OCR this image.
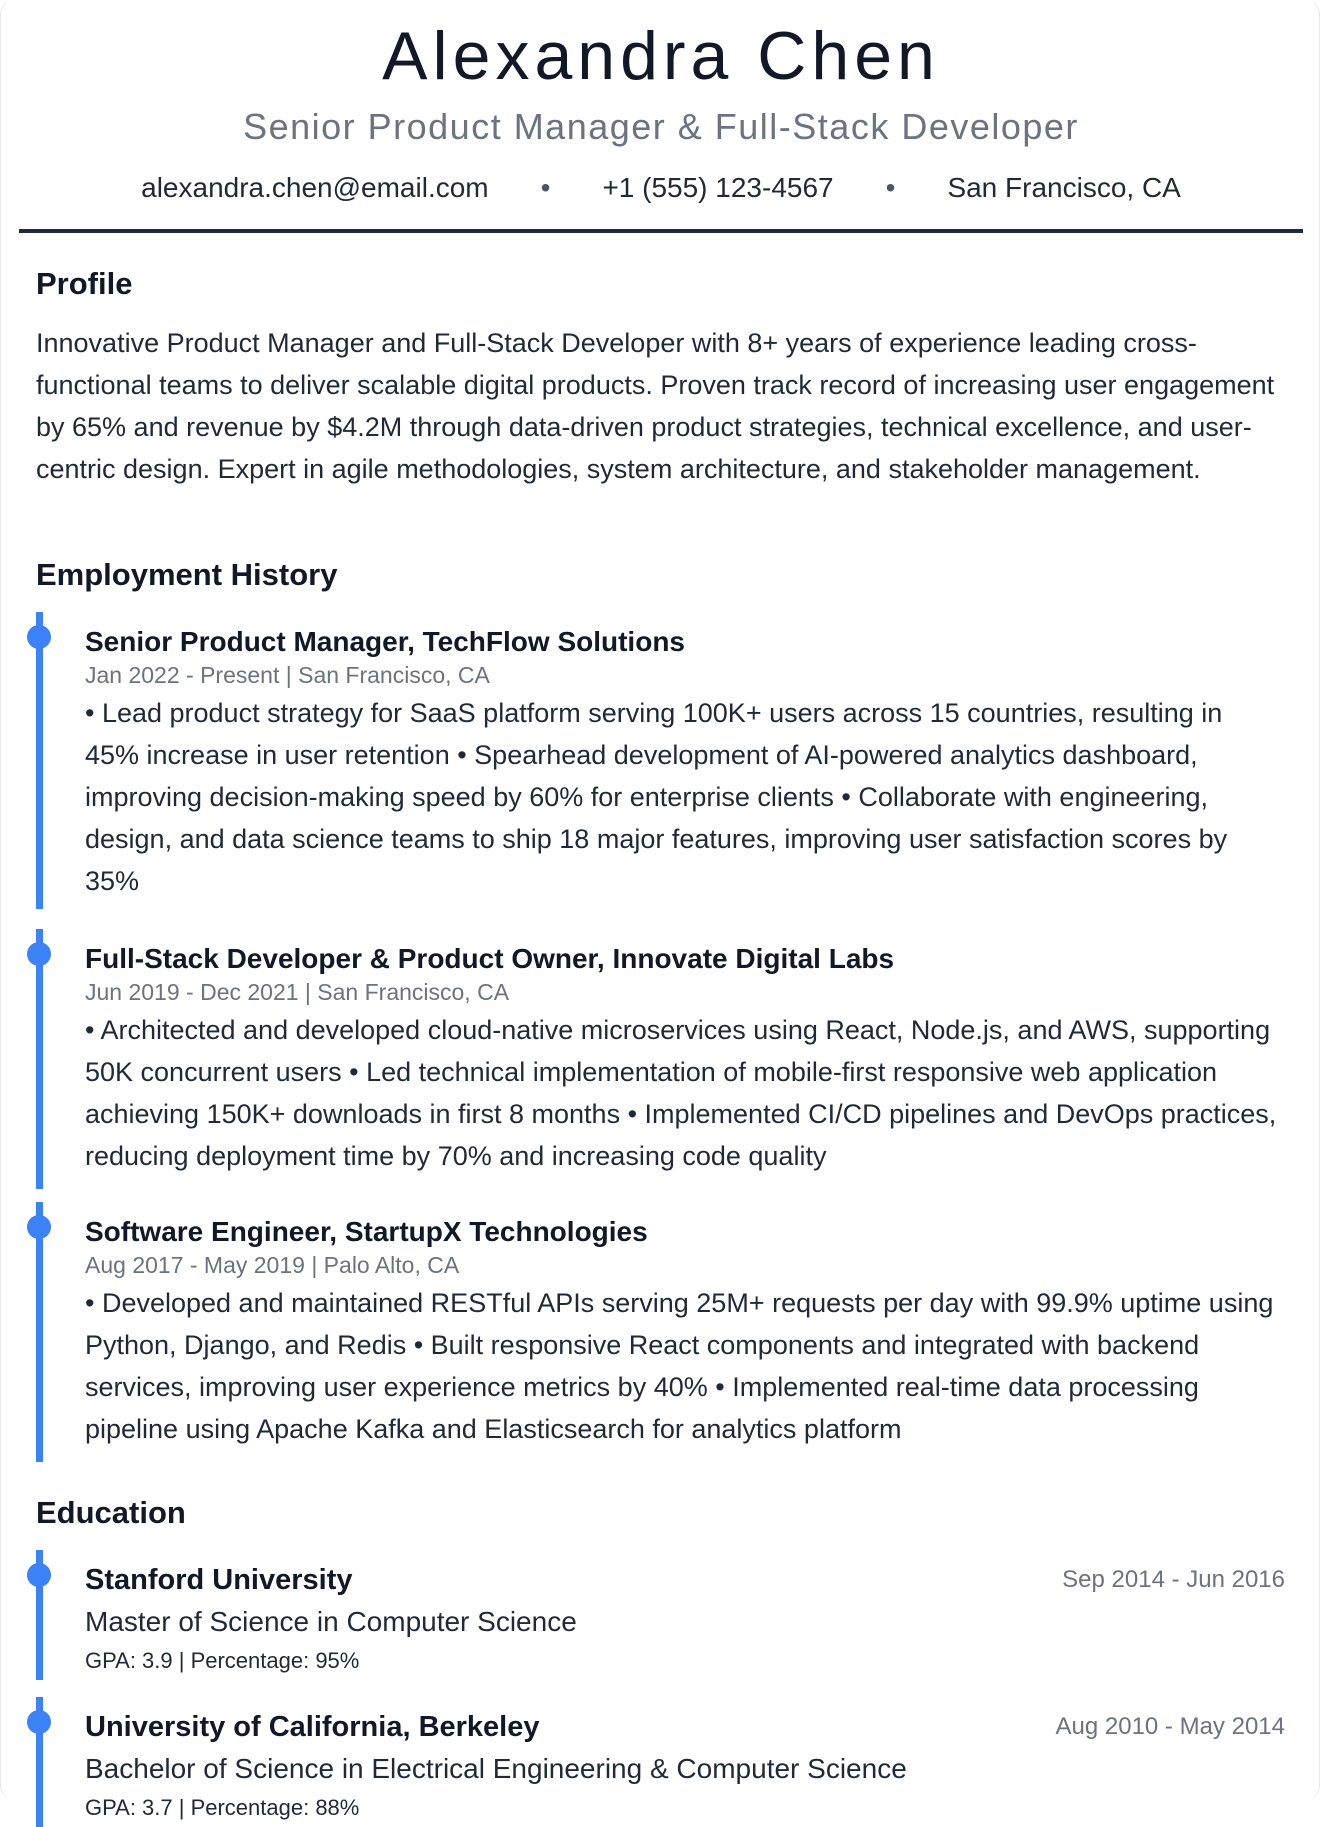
Alexandra Chen
Senior Product Manager & Full-Stack Developer
alexandra.chen@email.com • +1 (555) 123-4567 • San Francisco, CA
Profile
Innovative Product Manager and Full-Stack Developer with 8+ years of experience leading cross-functional teams to deliver scalable digital products. Proven track record of increasing user engagement by 65% and revenue by $4.2M through data-driven product strategies, technical excellence, and user-centric design. Expert in agile methodologies, system architecture, and stakeholder management.
Employment History
Senior Product Manager, TechFlow Solutions
Jan 2022 - Present | San Francisco, CA
• Lead product strategy for SaaS platform serving 100K+ users across 15 countries, resulting in 45% increase in user retention • Spearhead development of AI-powered analytics dashboard, improving decision-making speed by 60% for enterprise clients • Collaborate with engineering, design, and data science teams to ship 18 major features, improving user satisfaction scores by 35%
Full-Stack Developer & Product Owner, Innovate Digital Labs
Jun 2019 - Dec 2021 | San Francisco, CA
• Architected and developed cloud-native microservices using React, Node.js, and AWS, supporting 50K concurrent users • Led technical implementation of mobile-first responsive web application achieving 150K+ downloads in first 8 months • Implemented CI/CD pipelines and DevOps practices, reducing deployment time by 70% and increasing code quality
Software Engineer, StartupX Technologies
Aug 2017 - May 2019 | Palo Alto, CA
• Developed and maintained RESTful APIs serving 25M+ requests per day with 99.9% uptime using Python, Django, and Redis • Built responsive React components and integrated with backend services, improving user experience metrics by 40% • Implemented real-time data processing pipeline using Apache Kafka and Elasticsearch for analytics platform
Education
Stanford University	Sep 2014 - Jun 2016
Master of Science in Computer Science
GPA: 3.9 | Percentage: 95%
University of California, Berkeley	Aug 2010 - May 2014
Bachelor of Science in Electrical Engineering & Computer Science
GPA: 3.7 | Percentage: 88%
